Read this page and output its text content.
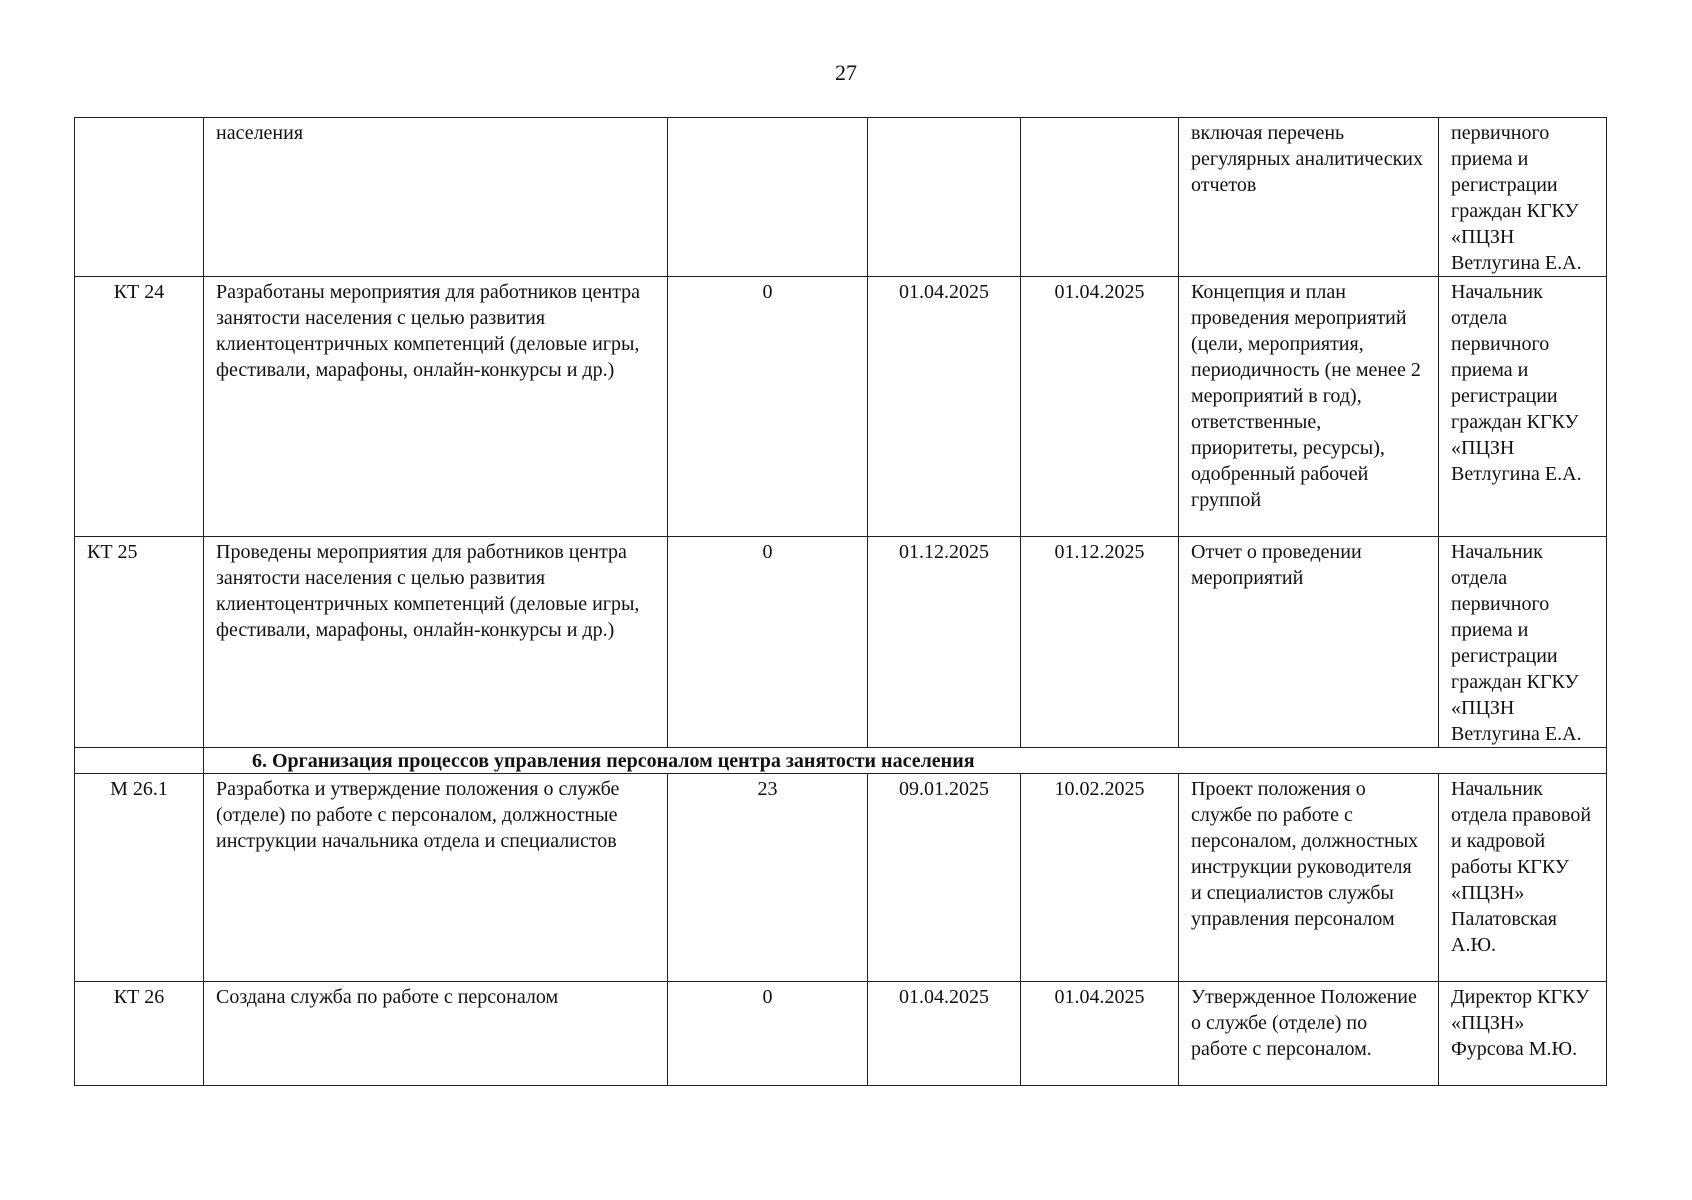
27
	населения				включая перечень регулярных аналитических отчетов	первичного приема и регистрации граждан КГКУ «ПЦЗН Ветлугина Е.А.
КТ 24	Разработаны мероприятия для работников центра занятости населения с целью развития клиентоцентричных компетенций (деловые игры, фестивали, марафоны, онлайн-конкурсы и др.)	0	01.04.2025	01.04.2025	Концепция и план проведения мероприятий (цели, мероприятия, периодичность (не менее 2 мероприятий в год), ответственные, приоритеты, ресурсы), одобренный рабочей группой	Начальник отдела первичного приема и регистрации граждан КГКУ «ПЦЗН Ветлугина Е.А.
КТ 25	Проведены мероприятия для работников центра занятости населения с целью развития клиентоцентричных компетенций (деловые игры, фестивали, марафоны, онлайн-конкурсы и др.)	0	01.12.2025	01.12.2025	Отчет о проведении мероприятий	Начальник отдела первичного приема и регистрации граждан КГКУ «ПЦЗН Ветлугина Е.А.
	6. Организация процессов управления персоналом центра занятости населения					
М 26.1	Разработка и утверждение положения о службе (отделе) по работе с персоналом, должностные инструкции начальника отдела и специалистов	23	09.01.2025	10.02.2025	Проект положения о службе по работе с персоналом, должностных инструкции руководителя и специалистов службы управления персоналом	Начальник отдела правовой и кадровой работы КГКУ «ПЦЗН» Палатовская А.Ю.
КТ 26	Создана служба по работе с персоналом	0	01.04.2025	01.04.2025	Утвержденное Положение о службе (отделе) по работе с персоналом.	Директор КГКУ «ПЦЗН» Фурсова М.Ю.
